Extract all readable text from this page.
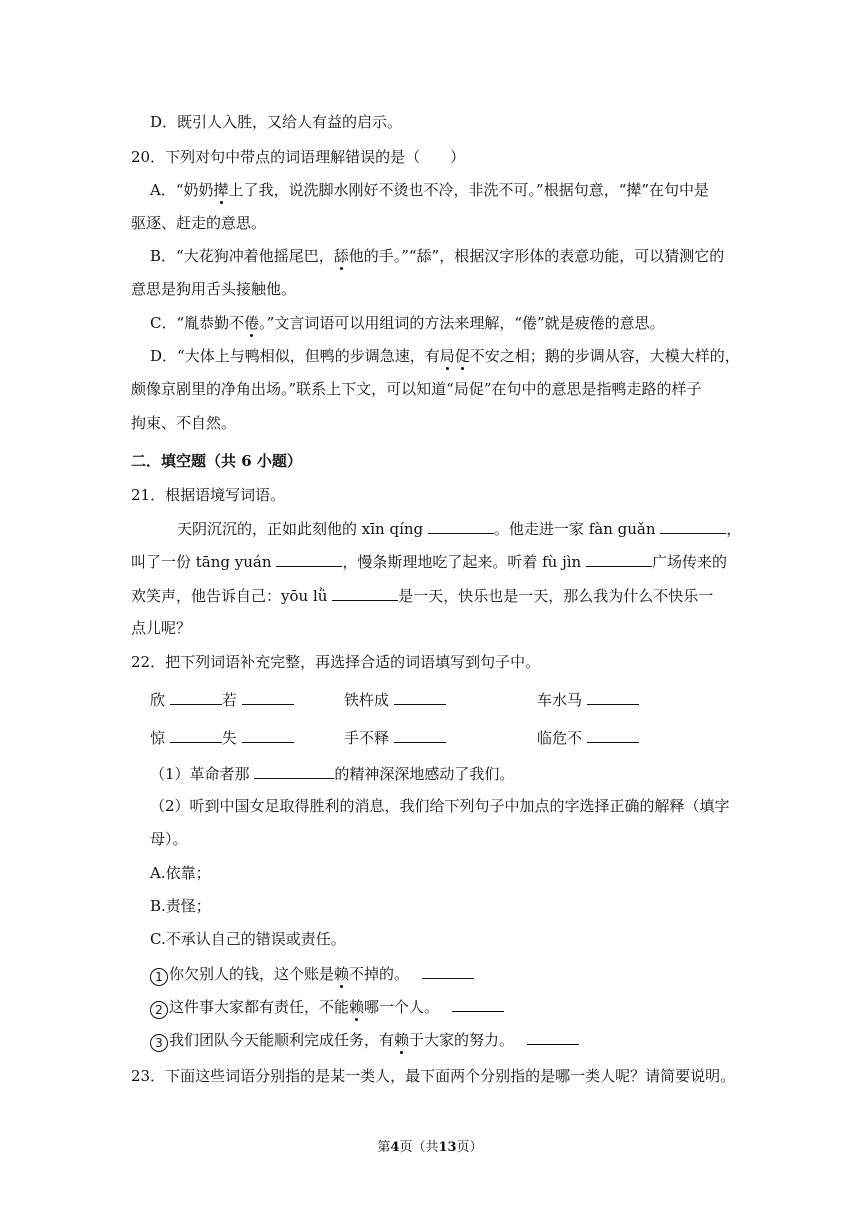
D．既引人入胜，又给人有益的启示。
20．下列对句中带点的词语理解错误的是（　　）
A．“奶奶撵上了我，说洗脚水刚好不烫也不冷，非洗不可。”根据句意，“撵”在句中是
驱逐、赶走的意思。
B．“大花狗冲着他摇尾巴，舔他的手。”“舔”，根据汉字形体的表意功能，可以猜测它的
意思是狗用舌头接触他。
C．“胤恭勤不倦。”文言词语可以用组词的方法来理解，“倦”就是疲倦的意思。
D．“大体上与鸭相似，但鸭的步调急速，有局促不安之相；鹅的步调从容，大模大样的，
颇像京剧里的净角出场。”联系上下文，可以知道“局促”在句中的意思是指鸭走路的样子
拘束、不自然。
二．填空题（共 6 小题）
21．根据语境写词语。
天阴沉沉的，正如此刻他的 xīn qíng	。他走进一家 fàn guǎn	，
叫了一份 tāng yuán	，慢条斯理地吃了起来。听着 fù jìn	广场传来的
欢笑声，他告诉自己：yōu lǜ	是一天，快乐也是一天，那么我为什么不快乐一
点儿呢？
22．把下列词语补充完整，再选择合适的词语填写到句子中。
欣	若	铁杵成	车水马
惊	失	手不释	临危不
（1）革命者那	的精神深深地感动了我们。
（2）听到中国女足取得胜利的消息，我们给下列句子中加点的字选择正确的解释（填字
母）。
A.依靠；
B.责怪；
C.不承认自己的错误或责任。
1 你欠别人的钱，这个账是赖不掉的。
2 这件事大家都有责任，不能赖哪一个人。
3 我们团队今天能顺利完成任务，有赖于大家的努力。
23．下面这些词语分别指的是某一类人，最下面两个分别指的是哪一类人呢？请简要说明。
第4页（共13页）
